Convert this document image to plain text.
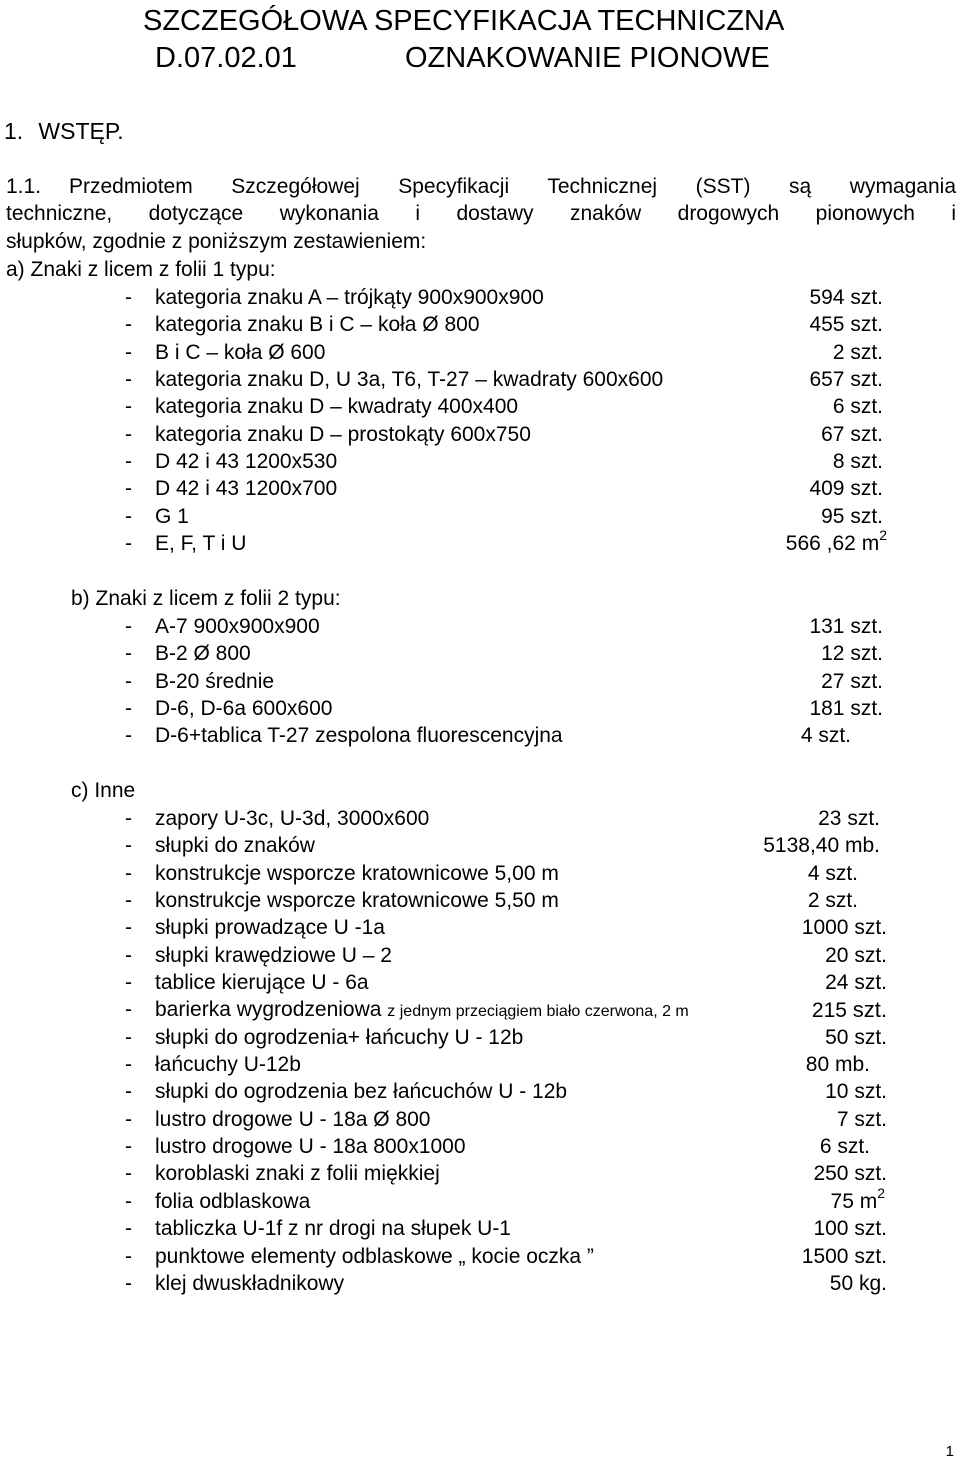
SZCZEGÓŁOWA SPECYFIKACJA TECHNICZNA
D.07.02.01	OZNAKOWANIE PIONOWE
1. WSTĘP.
1.1. Przedmiotem Szczegółowej Specyfikacji Technicznej (SST) są wymagania
techniczne, dotyczące wykonania i dostawy znaków drogowych pionowych i
słupków, zgodnie z poniższym zestawieniem:
a) Znaki z licem z folii 1 typu:
- kategoria znaku A – trójkąty 900x900x900	594 szt.
- kategoria znaku B i C – koła Ø 800	455 szt.
- B i C – koła Ø 600	2 szt.
- kategoria znaku D, U 3a, T6, T-27 – kwadraty 600x600	657 szt.
- kategoria znaku D – kwadraty 400x400	6 szt.
- kategoria znaku D – prostokąty 600x750	67 szt.
- D 42 i 43 1200x530	8 szt.
- D 42 i 43 1200x700	409 szt.
- G 1	95 szt.
- E, F, T i U	566 ,62 $m^2$
b) Znaki z licem z folii 2 typu:
- A-7 900x900x900	131 szt.
- B-2 Ø 800	12 szt.
- B-20 średnie	27 szt.
- D-6, D-6a 600x600	181 szt.
- D-6+tablica T-27 zespolona fluorescencyjna	4 szt.
c) Inne
- zapory U-3c, U-3d, 3000x600	23 szt.
- słupki do znaków	5138,40 mb.
- konstrukcje wsporcze kratownicowe 5,00 m	4 szt.
- konstrukcje wsporcze kratownicowe 5,50 m	2 szt.
- słupki prowadzące U -1a	1000 szt.
- słupki krawędziowe U – 2	20 szt.
- tablice kierujące U - 6a	24 szt.
- barierka wygrodzeniowa z jednym przeciągiem biało czerwona, 2 m	215 szt.
- słupki do ogrodzenia+ łańcuchy U - 12b	50 szt.
- łańcuchy U-12b	80 mb.
- słupki do ogrodzenia bez łańcuchów U - 12b	10 szt.
- lustro drogowe U - 18a Ø 800	7 szt.
- lustro drogowe U - 18a 800x1000	6 szt.
- koroblaski znaki z folii miękkiej	250 szt.
- folia odblaskowa	75 $m^2$
- tabliczka U-1f z nr drogi na słupek U-1	100 szt.
- punktowe elementy odblaskowe „ kocie oczka ”	1500 szt.
- klej dwuskładnikowy	50 kg.
1
